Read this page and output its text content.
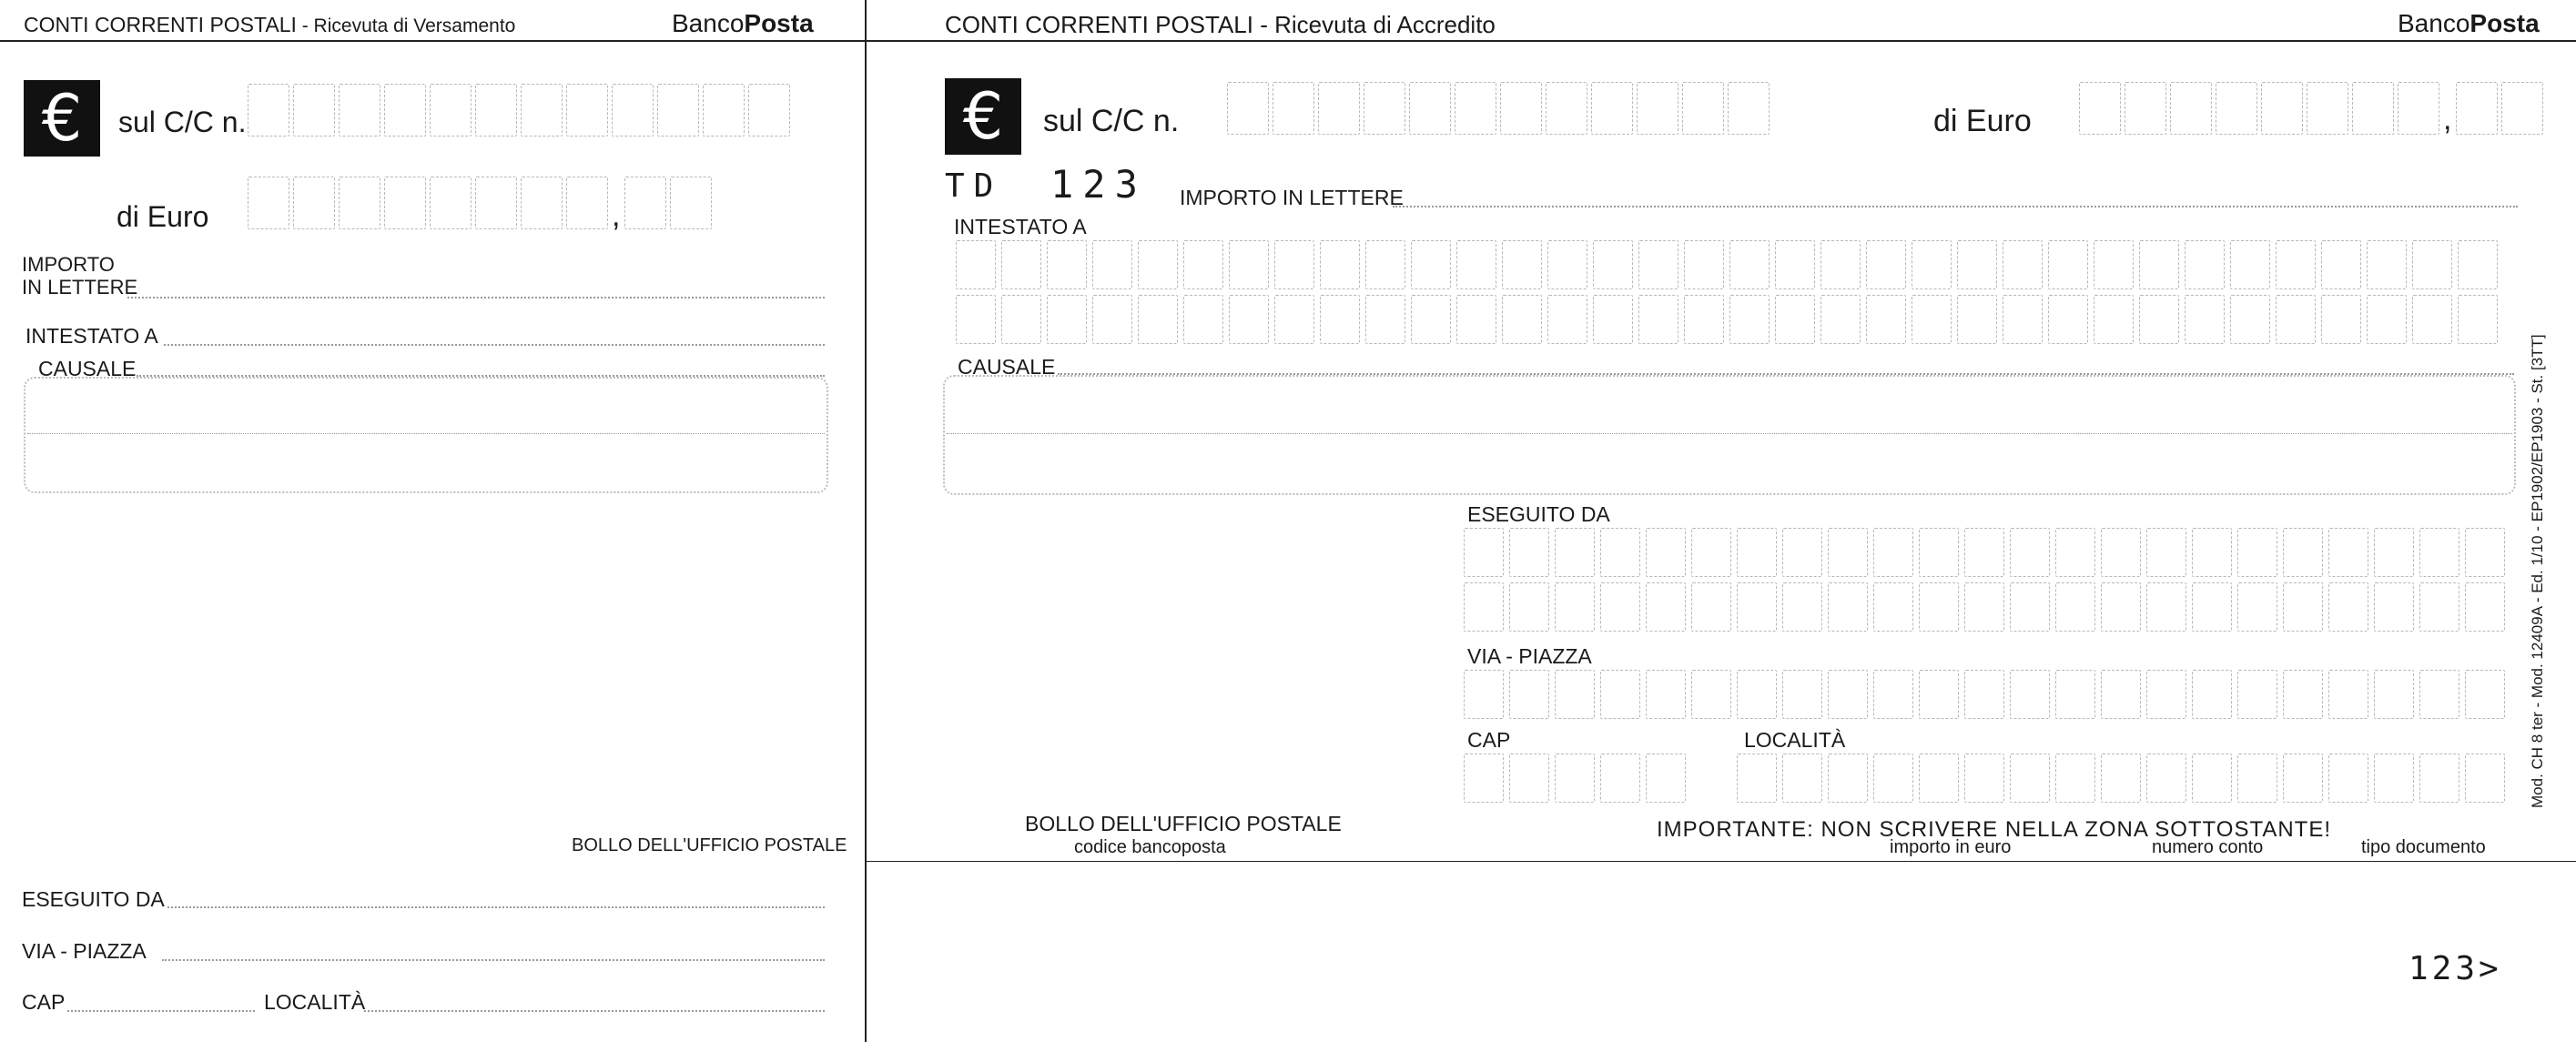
CONTI CORRENTI POSTALI - Ricevuta di Versamento	BancoPosta
€	sul C/C n.
di Euro	,
IMPORTO
IN LETTERE
INTESTATO A
CAUSALE
BOLLO DELL'UFFICIO POSTALE
ESEGUITO DA
VIA - PIAZZA
CAP	LOCALITÀ
CONTI CORRENTI POSTALI - Ricevuta di Accredito	BancoPosta
€	sul C/C n.	di Euro	,
TD 123 IMPORTO IN LETTERE
INTESTATO A
CAUSALE
ESEGUITO DA
VIA - PIAZZA
CAP	LOCALITÀ	Mod. CH 8 ter - Mod. 12409A - Ed. 1/10 - EP1902/EP1903 - St. [3TT]
BOLLO DELL'UFFICIO POSTALE
codice bancoposta
IMPORTANTE: NON SCRIVERE NELLA ZONA SOTTOSTANTE!
importo in euro	numero conto	tipo documento
123>
